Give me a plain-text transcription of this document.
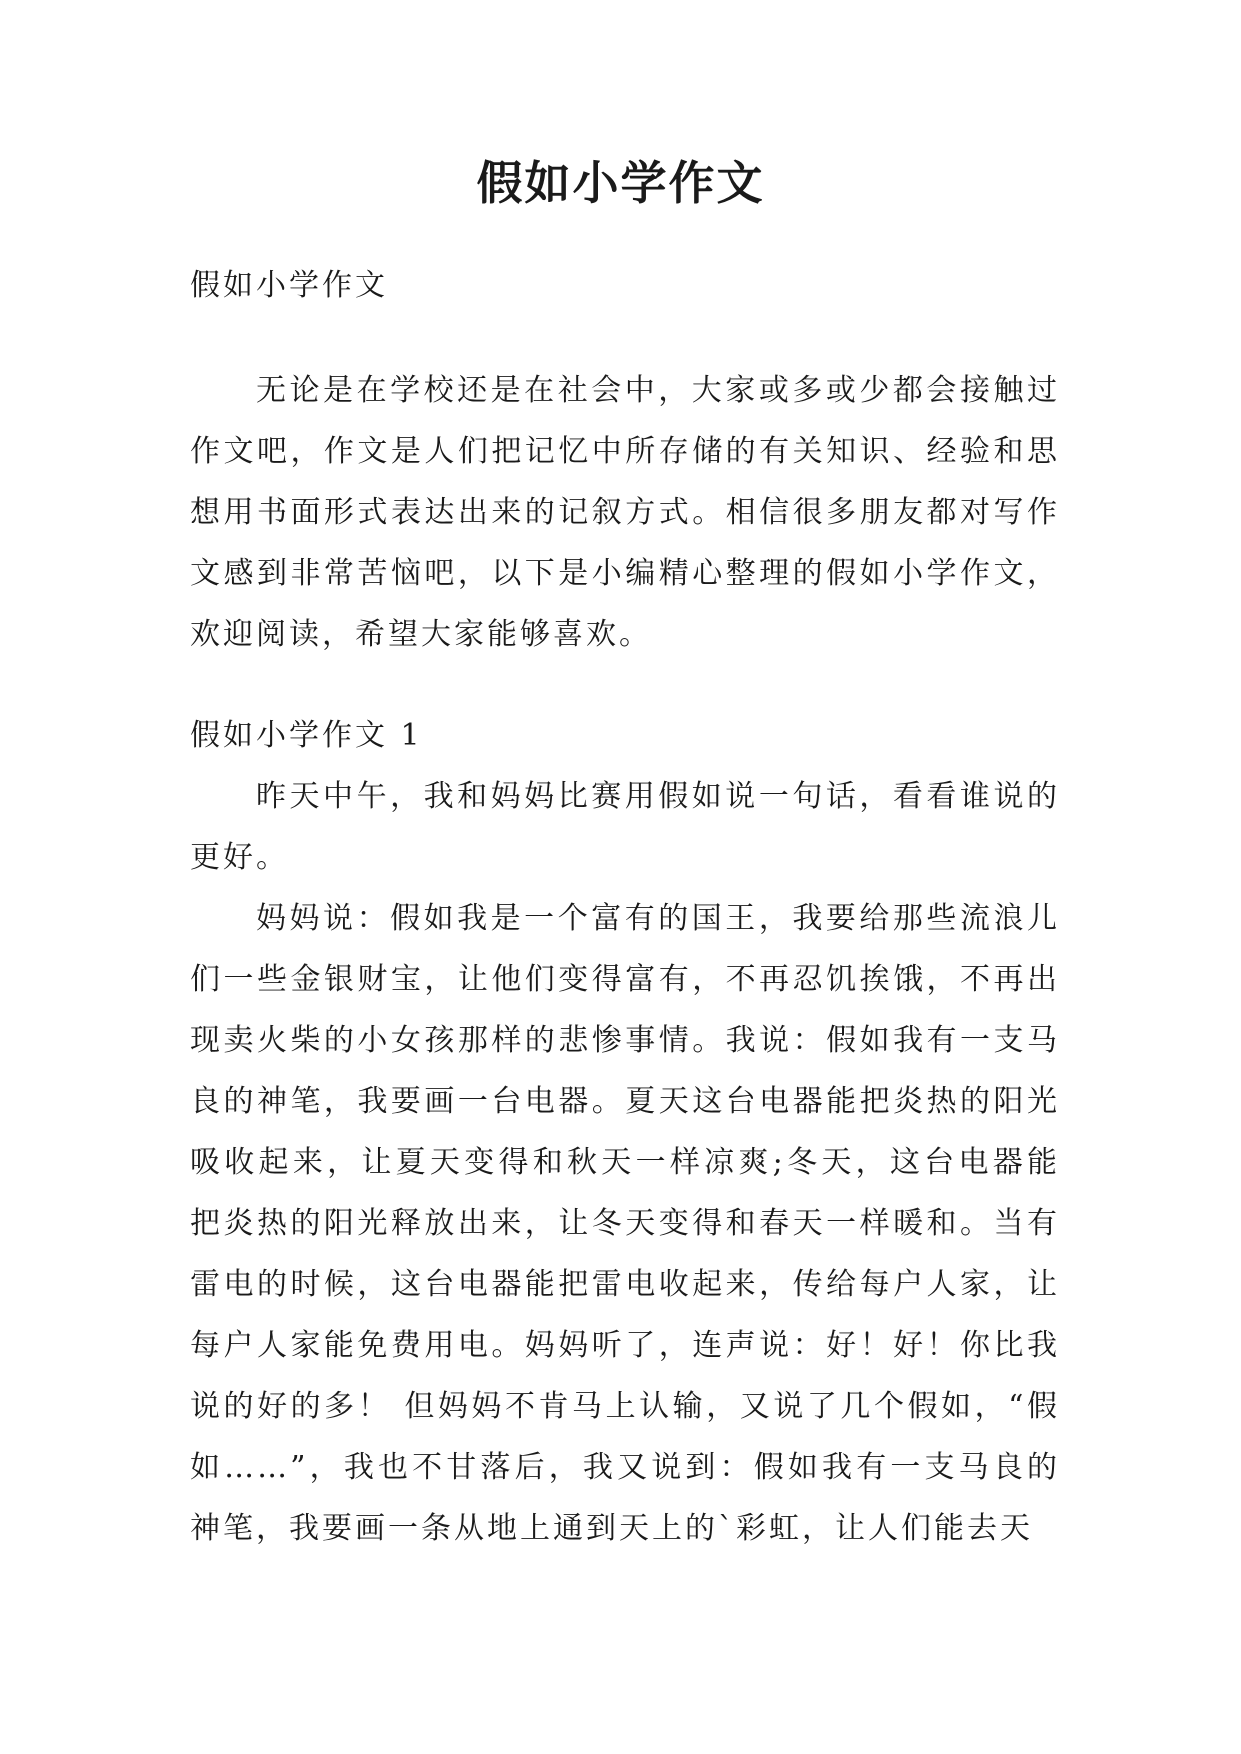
假如小学作文

假如小学作文

无论是在学校还是在社会中，大家或多或少都会接触过作文吧，作文是人们把记忆中所存储的有关知识、经验和思想用书面形式表达出来的记叙方式。相信很多朋友都对写作文感到非常苦恼吧，以下是小编精心整理的假如小学作文，欢迎阅读，希望大家能够喜欢。

假如小学作文 1

昨天中午，我和妈妈比赛用假如说一句话，看看谁说的更好。

妈妈说：假如我是一个富有的国王，我要给那些流浪儿们一些金银财宝，让他们变得富有，不再忍饥挨饿，不再出现卖火柴的小女孩那样的悲惨事情。我说：假如我有一支马良的神笔，我要画一台电器。夏天这台电器能把炎热的阳光吸收起来，让夏天变得和秋天一样凉爽;冬天，这台电器能把炎热的阳光释放出来，让冬天变得和春天一样暖和。当有雷电的时候，这台电器能把雷电收起来，传给每户人家，让每户人家能免费用电。妈妈听了，连声说：好！好！你比我说的好的多！ 但妈妈不肯马上认输，又说了几个假如，“假如……”，我也不甘落后，我又说到：假如我有一支马良的神笔，我要画一条从地上通到天上的`彩虹，让人们能去天
